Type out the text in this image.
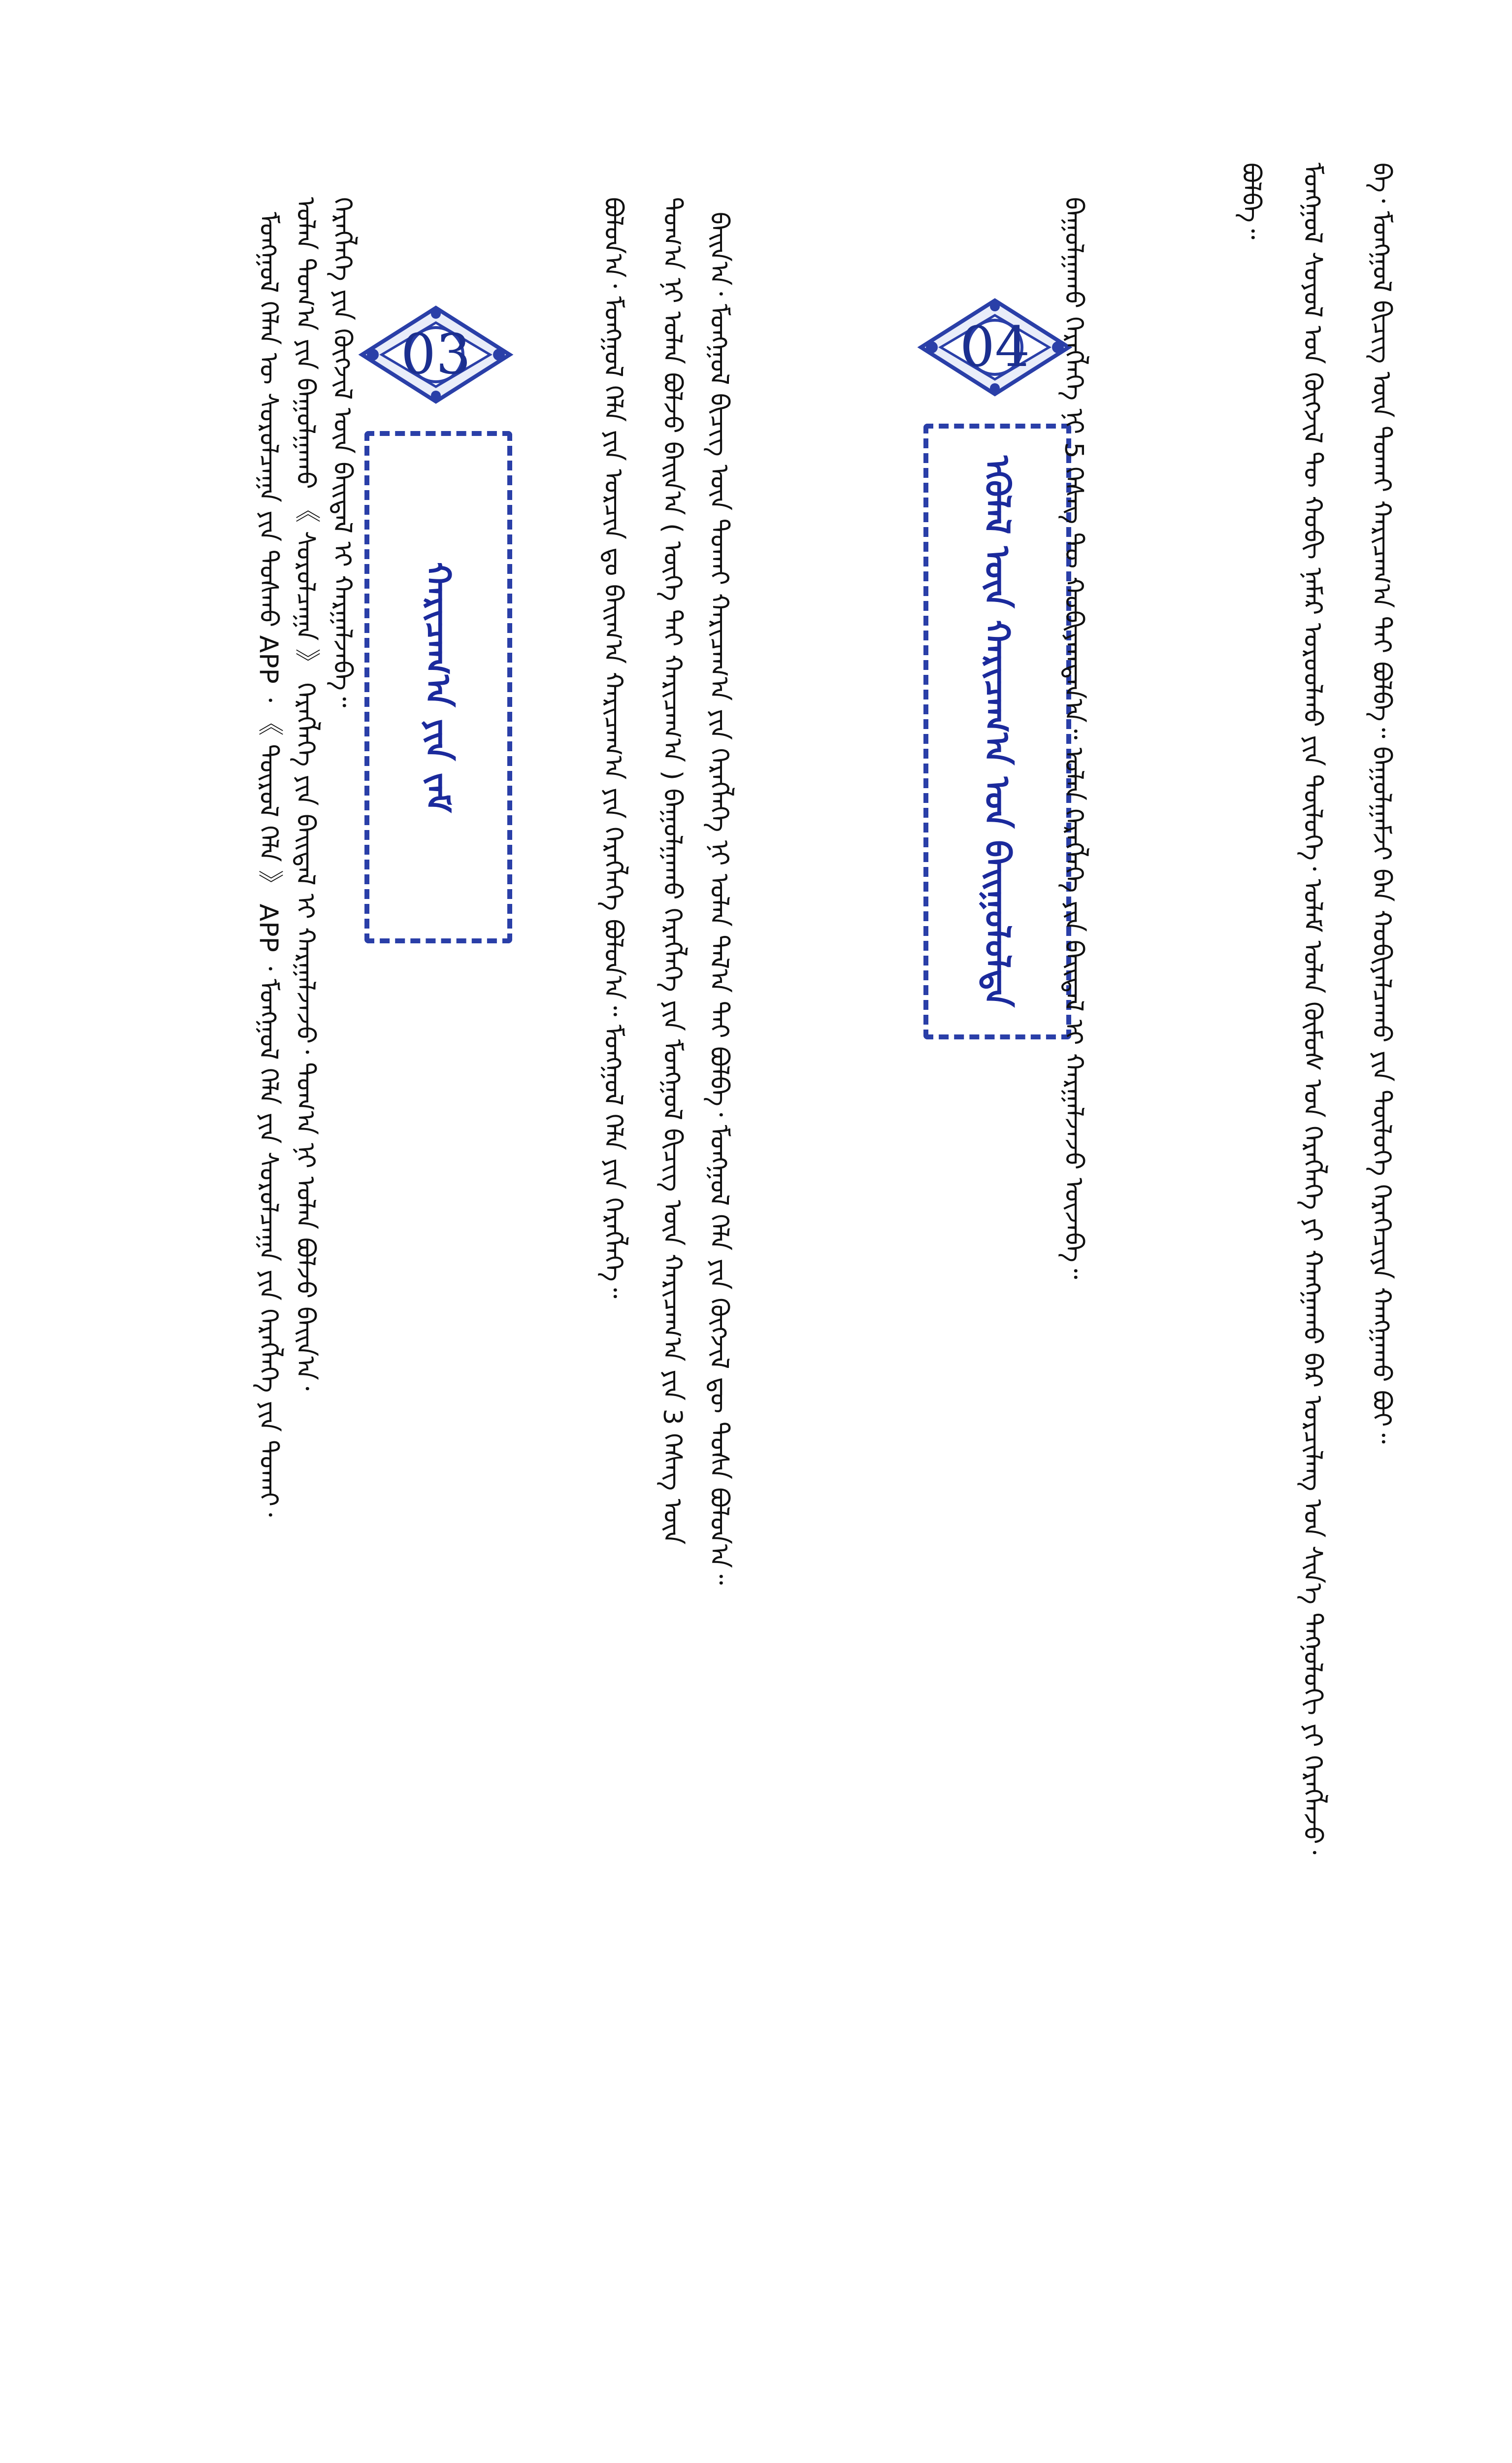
ᠪᠡ᠂ ᠮᠣᠩᠭᠤᠯ ᠪᠢᠴᠢᠭ ᠦᠨ ᠲᠤᠬᠠᠢ ᠬᠠᠷᠢᠴᠠᠭ᠎ᠠ ᠲᠠᠢ ᠪᠣᠯᠪᠠ᠃ ᠪᠠᠭᠤᠯᠭᠠᠮᠵᠢ ᠪᠠᠨ ᠬᠤᠪᠢᠶᠠᠯᠴᠠᠬᠤ ᠶᠢᠨ ᠲᠥᠯᠥᠭᠡ ᠬᠡᠷᠡᠭᠡᠴᠢᠶᠡ ᠬᠠᠩᠭᠠᠬᠤ ᠪᠤᠢ᠃
ᠮᠣᠩᠭᠤᠯ ᠰᠣᠶᠣᠯ ᠤᠨ ᠬᠥᠭᠵᠢᠯ ᠲᠦ ᠬᠤᠪᠢ ᠨᠡᠮᠡᠷ ᠣᠷᠤᠤᠯᠬᠤ ᠶᠢᠨ ᠲᠥᠯᠥᠭᠡ᠂ ᠤᠯᠠᠮ ᠣᠯᠠᠨ ᠬᠦᠮᠦᠰ ᠤᠨ ᠬᠡᠷᠡᠭᠯᠡᠭᠡ ᠶᠢ ᠬᠠᠩᠭᠠᠬᠤ ᠪᠠᠷ ᠣᠷᠴᠢᠯᠠᠩ ᠤᠨ ᠰᠢᠨ᠎ᠡ ᠲᠡᠬᠨᠣᠯᠣᠭᠢ ᠶᠢ ᠬᠡᠷᠡᠭᠯᠡᠵᠦ᠂
ᠪᠣᠯᠪᠠ᠃
04
ᠡᠬᠦᠯᠡᠯ ᠦᠨ ᠬᠠᠷᠢᠴᠠᠭ᠎ᠠ ᠤᠨ ᠪᠠᠢᠭᠤᠯᠤᠯᠲᠠ	ᠪᠠᠭᠤᠯᠭᠠᠬᠤ ᠬᠡᠷᠡᠭᠯᠡᠭᠡ ᠨᠢ 5 ᠬᠡᠰᠡᠭ ᠲᠦ ᠬᠤᠪᠢᠶᠠᠭᠳᠠᠨ᠎ᠠ᠃ ᠣᠯᠠᠨ ᠬᠡᠷᠡᠭᠯᠡᠭᠡ ᠶᠢᠨ ᠪᠠᠢᠳᠠᠯ ᠢ ᠬᠠᠷᠭᠠᠯᠵᠠᠵᠤ ᠦᠵᠡᠪᠡ᠃
ᠪᠠᠢᠨ᠎ᠠ᠂ ᠮᠣᠩᠭᠤᠯ ᠪᠢᠴᠢᠭ ᠦᠨ ᠲᠤᠬᠠᠢ ᠬᠠᠷᠢᠴᠠᠭ᠎ᠠ ᠶᠢᠨ ᠬᠡᠷᠡᠭᠯᠡᠭᠡ ᠨᠢ ᠣᠯᠠᠨ ᠲᠠᠯ᠎ᠠ ᠲᠠᠢ ᠪᠣᠯᠪᠠ᠂ ᠮᠣᠩᠭᠤᠯ ᠬᠡᠯᠡ ᠶᠢᠨ ᠬᠥᠭᠵᠢᠯ ᠳᠦ ᠲᠤᠰᠠ ᠪᠣᠯᠤᠨ᠎ᠠ᠃
ᠲᠣᠭ᠎ᠠ ᠨᠢ ᠣᠯᠠᠨ ᠪᠣᠯᠵᠤ ᠪᠠᠢᠨ᠎ᠠ ( ᠦᠭᠡ ᠲᠠᠢ ᠬᠠᠷᠢᠴᠠᠭ᠎ᠠ ) ᠪᠠᠭᠤᠯᠭᠠᠬᠤ ᠬᠡᠷᠡᠭᠯᠡᠭᠡ ᠶᠢᠨ ᠮᠣᠩᠭᠤᠯ ᠪᠢᠴᠢᠭ ᠦᠨ ᠬᠠᠷᠢᠴᠠᠭ᠎ᠠ ᠶᠢᠨ 3 ᠬᠡᠰᠡᠭ ᠦᠨ
ᠪᠣᠯᠤᠨ᠎ᠠ᠂ ᠮᠣᠩᠭᠤᠯ ᠬᠡᠯᠡ ᠶᠢᠨ ᠣᠷᠴᠢᠨ ᠳᠤ ᠪᠠᠢᠭ᠎ᠠ ᠬᠠᠷᠢᠴᠠᠭ᠎ᠠ ᠶᠢᠨ ᠬᠡᠷᠡᠭᠯᠡᠭᠡ ᠪᠣᠯᠤᠨ᠎ᠠ᠃ ᠮᠣᠩᠭᠤᠯ ᠬᠡᠯᠡ ᠶᠢᠨ ᠬᠡᠷᠡᠭᠯᠡᠭᠡ᠃
03
ᠬᠠᠷᠢᠴᠠᠭ᠎ᠠ ᠶᠢᠨ ᠵᠠᠮ
ᠮᠣᠩᠭᠤᠯ ᠬᠡᠯᠡᠨ ᠦ ᠰᠤᠷᠤᠯᠴᠠᠭᠠ ᠶᠢᠨ ᠲᠣᠰᠬᠣ APP ᠂ 《 ᠲᠦᠷᠦᠯ ᠬᠡᠯᠡ 》 APP ᠂ ᠮᠣᠩᠭᠤᠯ ᠬᠡᠯᠡ ᠶᠢᠨ ᠰᠤᠷᠤᠯᠴᠠᠭᠠ ᠶᠢᠨ ᠬᠡᠷᠡᠭᠯᠡᠭᠡ ᠶᠢᠨ ᠲᠤᠬᠠᠢ᠂ ᠣᠯᠠᠨ ᠲᠣᠭ᠎ᠠ ᠶᠢᠨ ᠪᠠᠭᠤᠯᠭᠠᠬᠤ 《 ᠰᠤᠷᠤᠯᠴᠠᠭᠠ 》 ᠬᠡᠷᠡᠭᠯᠡᠭᠡ ᠶᠢᠨ ᠪᠠᠢᠳᠠᠯ ᠢ ᠬᠠᠷᠭᠠᠯᠵᠠᠵᠤ᠂ ᠲᠣᠭ᠎ᠠ ᠨᠢ ᠣᠯᠠᠨ ᠪᠣᠯᠵᠤ ᠪᠠᠢᠨ᠎ᠠ᠂ ᠬᠡᠷᠡᠭᠯᠡᠭᠡ ᠶᠢᠨ ᠬᠥᠭᠵᠢᠯ ᠦᠨ ᠪᠠᠢᠳᠠᠯ ᠢ ᠬᠠᠷᠭᠠᠯᠵᠠᠪᠠ᠃
